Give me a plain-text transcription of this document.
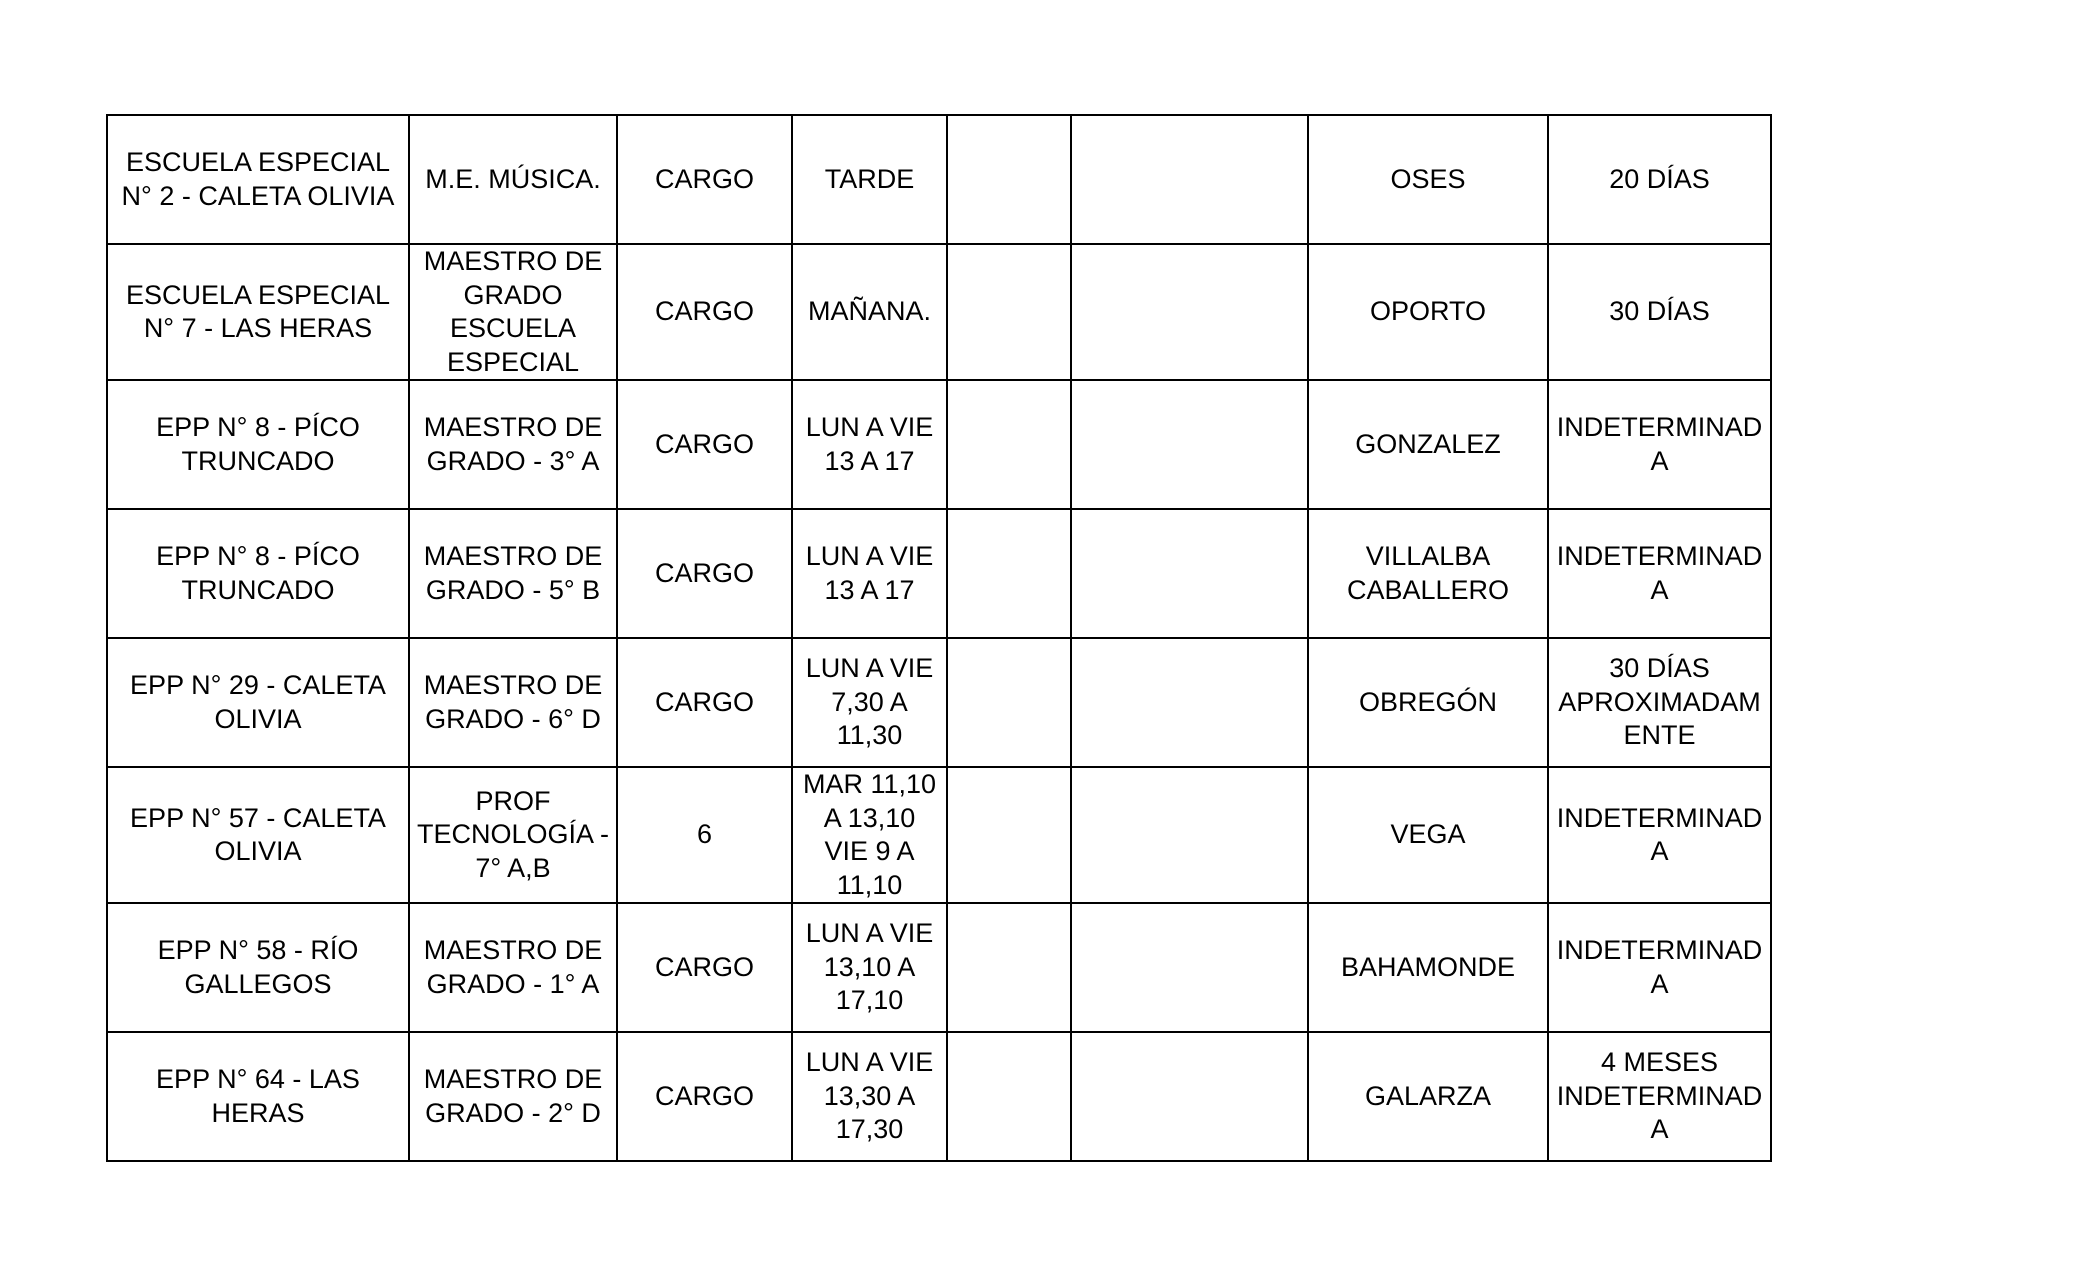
ESCUELA ESPECIAL
N° 2 - CALETA OLIVIA	M.E. MÚSICA.	CARGO	TARDE			OSES	20 DÍAS

ESCUELA ESPECIAL
N° 7 - LAS HERAS	MAESTRO DE
GRADO
ESCUELA
ESPECIAL	CARGO	MAÑANA.			OPORTO	30 DÍAS

EPP N° 8 - PÍCO
TRUNCADO	MAESTRO DE
GRADO - 3° A	CARGO	LUN A VIE
13 A 17			GONZALEZ	INDETERMINAD
A

EPP N° 8 - PÍCO
TRUNCADO	MAESTRO DE
GRADO - 5° B	CARGO	LUN A VIE
13 A 17			VILLALBA
CABALLERO	INDETERMINAD
A

EPP N° 29 - CALETA
OLIVIA	MAESTRO DE
GRADO - 6° D	CARGO	LUN A VIE
7,30 A
11,30			OBREGÓN	30 DÍAS
APROXIMADAM
ENTE

EPP N° 57 - CALETA
OLIVIA	PROF
TECNOLOGÍA -
7° A,B	6	MAR 11,10
A 13,10
VIE 9 A
11,10			VEGA	INDETERMINAD
A

EPP N° 58 - RÍO
GALLEGOS	MAESTRO DE
GRADO - 1° A	CARGO	LUN A VIE
13,10 A
17,10			BAHAMONDE	INDETERMINAD
A

EPP N° 64 - LAS
HERAS	MAESTRO DE
GRADO - 2° D	CARGO	LUN A VIE
13,30 A
17,30			GALARZA	4 MESES
INDETERMINAD
A
